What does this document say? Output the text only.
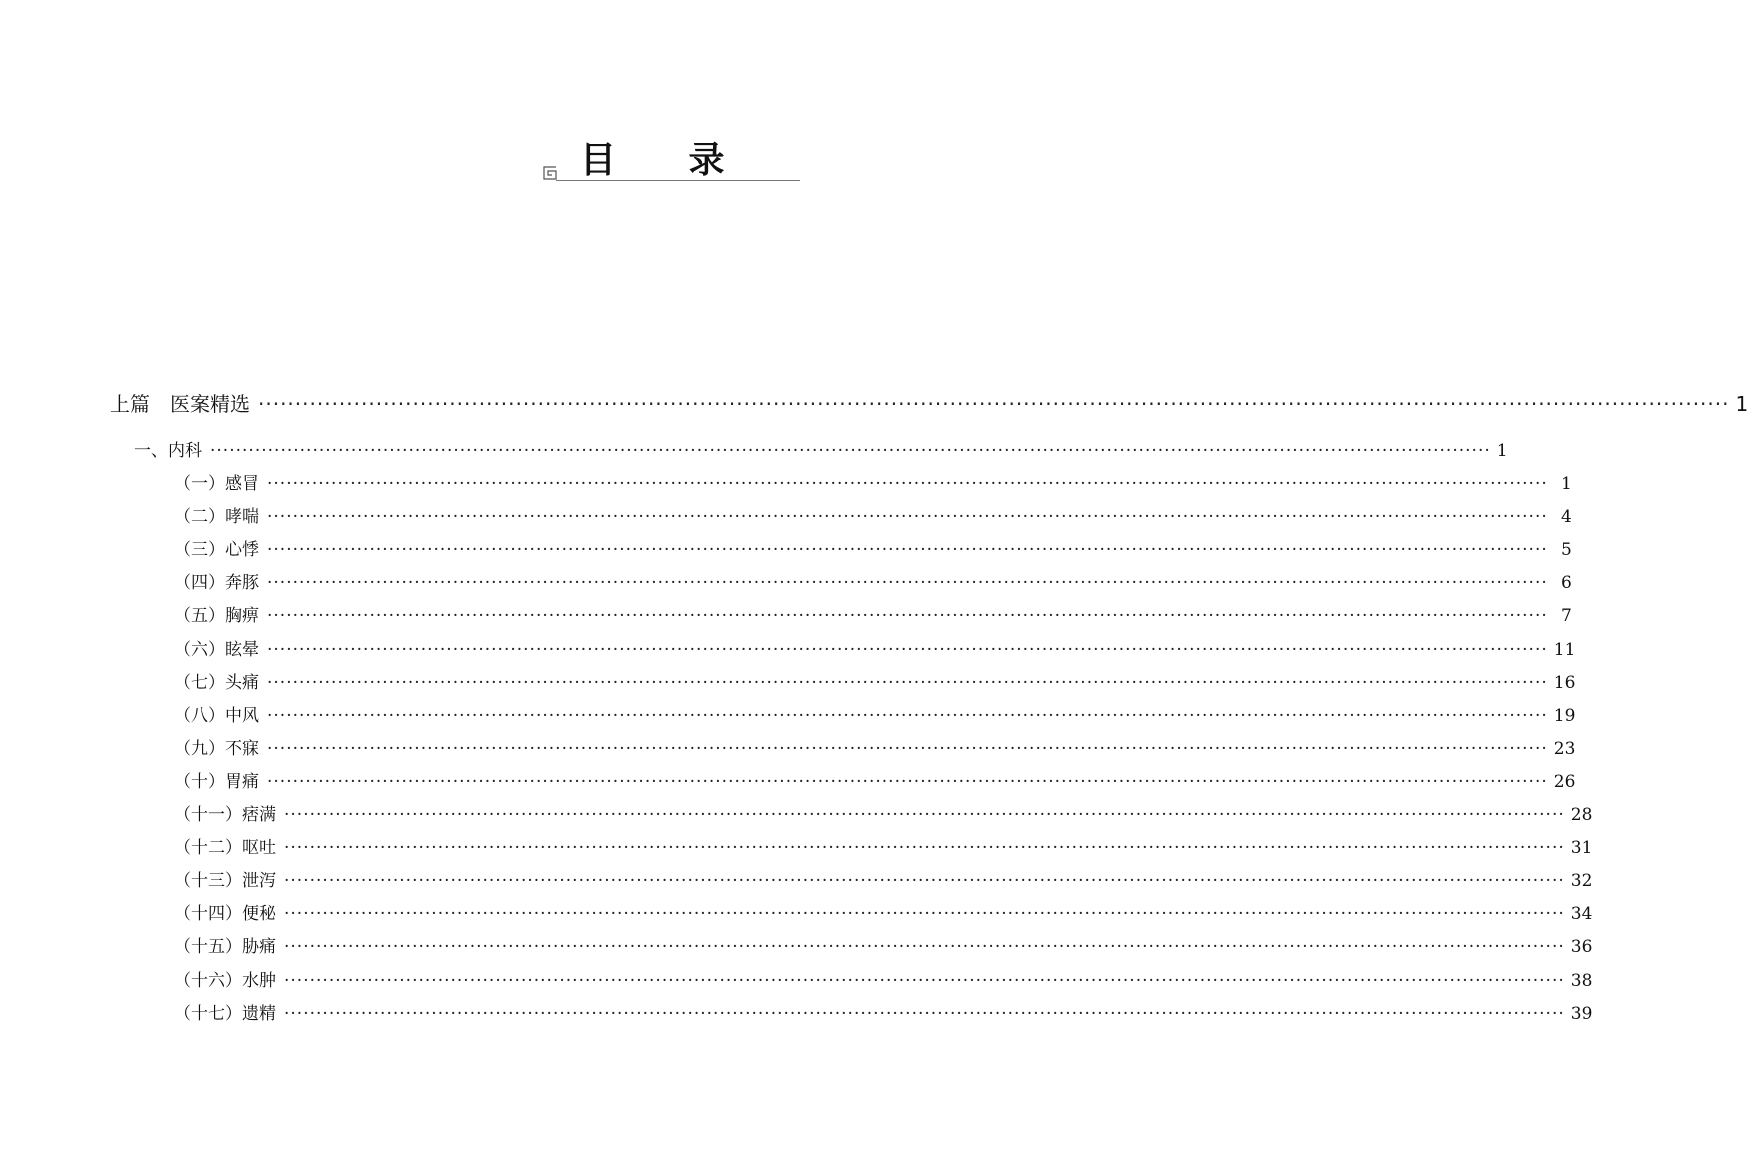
目 录
上篇　医案精选 ········································································································································································································ 1
一、内科 ········································································································································································································ 1
（一）感冒 ········································································································································································································ 1
（二）哮喘 ········································································································································································································ 4
（三）心悸 ········································································································································································································ 5
（四）奔豚 ········································································································································································································ 6
（五）胸痹 ········································································································································································································ 7
（六）眩晕 ········································································································································································································ 11
（七）头痛 ········································································································································································································ 16
（八）中风 ········································································································································································································ 19
（九）不寐 ········································································································································································································ 23
（十）胃痛 ········································································································································································································ 26
（十一）痞满 ········································································································································································································ 28
（十二）呕吐 ········································································································································································································ 31
（十三）泄泻 ········································································································································································································ 32
（十四）便秘 ········································································································································································································ 34
（十五）胁痛 ········································································································································································································ 36
（十六）水肿 ········································································································································································································ 38
（十七）遗精 ········································································································································································································ 39
